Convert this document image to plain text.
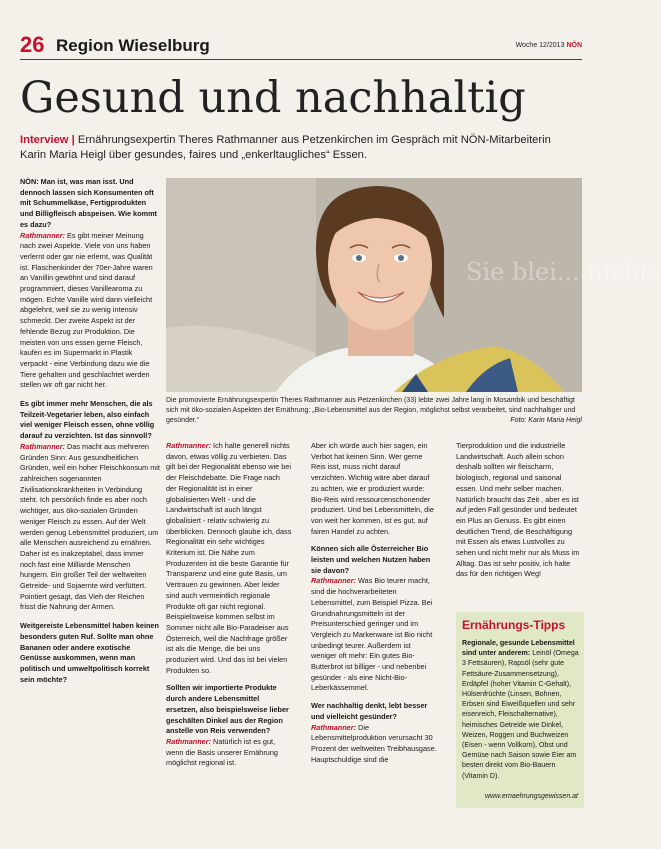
26 Region Wieselburg	Woche 12/2013 NÖN
Gesund und nachhaltig
Interview | Ernährungsexpertin Theres Rathmanner aus Petzenkirchen im Gespräch mit NÖN-Mitarbeiterin Karin Maria Heigl über gesundes, faires und „enkerltaugliches“ Essen.

NÖN: Man ist, was man isst. Und dennoch lassen sich Konsumenten oft mit Schummelkäse, Fertigprodukten und Billigfleisch abspeisen. Wie kommt es dazu?
Rathmanner: Es gibt meiner Meinung nach zwei Aspekte. Viele von uns haben verlernt oder gar nie erlernt, was Qualität ist. Flaschenkinder der 70er-Jahre waren an Vanillin gewöhnt und sind darauf programmiert, dieses Vanillearoma zu mögen. Echte Vanille wird dann vielleicht abgelehnt, weil sie zu wenig intensiv schmeckt. Der zweite Aspekt ist der fehlende Bezug zur Produktion. Die meisten von uns essen gerne Fleisch, kaufen es im Supermarkt in Plastik verpackt - eine Verbindung dazu wie die Tiere gehalten und geschlachtet werden stellen wir oft gar nicht her.

Es gibt immer mehr Menschen, die als Teilzeit-Vegetarier leben, also einfach viel weniger Fleisch essen, ohne völlig darauf zu verzichten. Ist das sinnvoll?
Rathmanner: Das macht aus mehreren Gründen Sinn: Aus gesundheitlichen Gründen, weil ein hoher Fleischkonsum mit zahlreichen sogenannten Zivilisationskrankheiten in Verbindung steht. Ich persönlich finde es aber noch wichtiger, aus öko-sozialen Gründen weniger Fleisch zu essen. Auf der Welt werden genug Lebensmittel produziert, um alle Menschen ausreichend zu ernähren. Daher ist es inakzeptabel, dass immer noch fast eine Milliarde Menschen hungern. Ein großer Teil der weltweiten Getreide- und Sojaernte wird verfüttert. Pointiert gesagt, das Vieh der Reichen frisst die Nahrung der Armen.

Weitgereiste Lebensmittel haben keinen besonders guten Ruf. Sollte man ohne Bananen oder andere exotische Genüsse auskommen, wenn man politisch und umweltpolitisch korrekt sein möchte?

Sie blei... nichts
Die promovierte Ernährungsexpertin Theres Rathmanner aus Petzenkirchen (33) lebte zwei Jahre lang in Mosambik und beschäftigt sich mit öko-sozialen Aspekten der Ernährung: „Bio-Lebensmittel aus der Region, möglichst selbst verarbeitet, sind nachhaltiger und gesünder.“	Foto: Karin Maria Heigl

Rathmanner: Ich halte generell nichts davon, etwas völlig zu verbieten. Das gilt bei der Regionalität ebenso wie bei der Fleischdebatte. Die Frage nach der Regionalität ist in einer globalisierten Welt - und die Landwirtschaft ist auch längst globalisiert - relativ schwierig zu überblicken. Dennoch glaube ich, dass Regionalität ein sehr wichtiges Kriterium ist. Die Nähe zum Produzenten ist die beste Garantie für Transparenz und eine gute Basis, um Vertrauen zu gewinnen. Aber leider sind auch vermeintlich regionale Produkte oft gar nicht regional. Beispielsweise kommen selbst im Sommer nicht alle Bio-Paradeiser aus Österreich, weil die Nachfrage größer ist als die Menge, die bei uns produziert wird. Und das ist bei vielen Produkten so.

Sollten wir importierte Produkte durch andere Lebensmittel ersetzen, also beispielsweise lieber geschälten Dinkel aus der Region anstelle von Reis verwenden?
Rathmanner: Natürlich ist es gut, wenn die Basis unserer Ernährung möglichst regional ist.

Aber ich würde auch hier sagen, ein Verbot hat keinen Sinn. Wer gerne Reis isst, muss nicht darauf verzichten. Wichtig wäre aber darauf zu achten, wie er produziert wurde: Bio-Reis wird ressourcenschonender produziert. Und bei Lebensmitteln, die von weit her kommen, ist es gut, auf fairen Handel zu achten.

Können sich alle Österreicher Bio leisten und welchen Nutzen haben sie davon?
Rathmanner: Was Bio teurer macht, sind die hochverarbeiteten Lebensmittel, zum Beispiel Pizza. Bei Grundnahrungsmitteln ist der Preisunterschied geringer und im Vergleich zu Markenware ist Bio nicht unbedingt teurer. Außerdem ist weniger oft mehr: Ein gutes Bio-Butterbrot ist billiger - und nebenbei gesünder - als eine Nicht-Bio-Leberkässemmel.

Wer nachhaltig denkt, lebt besser und vielleicht gesünder?
Rathmanner: Die Lebensmittelproduktion verursacht 30 Prozent der weltweiten Treibhausgase. Hauptschuldige sind die

Tierproduktion und die industrielle Landwirtschaft. Auch allein schon deshalb sollten wir fleischarm, biologisch, regional und saisonal essen. Und mehr selber machen. Natürlich braucht das Zeit , aber es ist auf jeden Fall gesünder und bedeutet ein Plus an Genuss. Es gibt einen deutlichen Trend, die Beschäftigung mit Essen als etwas Lustvolles zu sehen und nicht mehr nur als Muss im Alltag. Das ist sehr positiv, ich halte das für den richtigen Weg!

Ernährungs-Tipps
Regionale, gesunde Lebensmittel sind unter anderem: Leinöl (Omega 3 Fettsäuren), Rapsöl (sehr gute Fettsäure-Zusammensetzung), Erdäpfel (hoher Vitamin C-Gehalt), Hülsenfrüchte (Linsen, Bohnen, Erbsen sind Eiweißquellen und sehr eisenreich, Fleischalternative), heimisches Getreide wie Dinkel, Weizen, Roggen und Buchweizen (Eisen - wenn Vollkorn), Obst und Gemüse nach Saison sowie Eier am besten direkt vom Bio-Bauern (Vitamin D).
www.ernaehrungsgewissen.at
